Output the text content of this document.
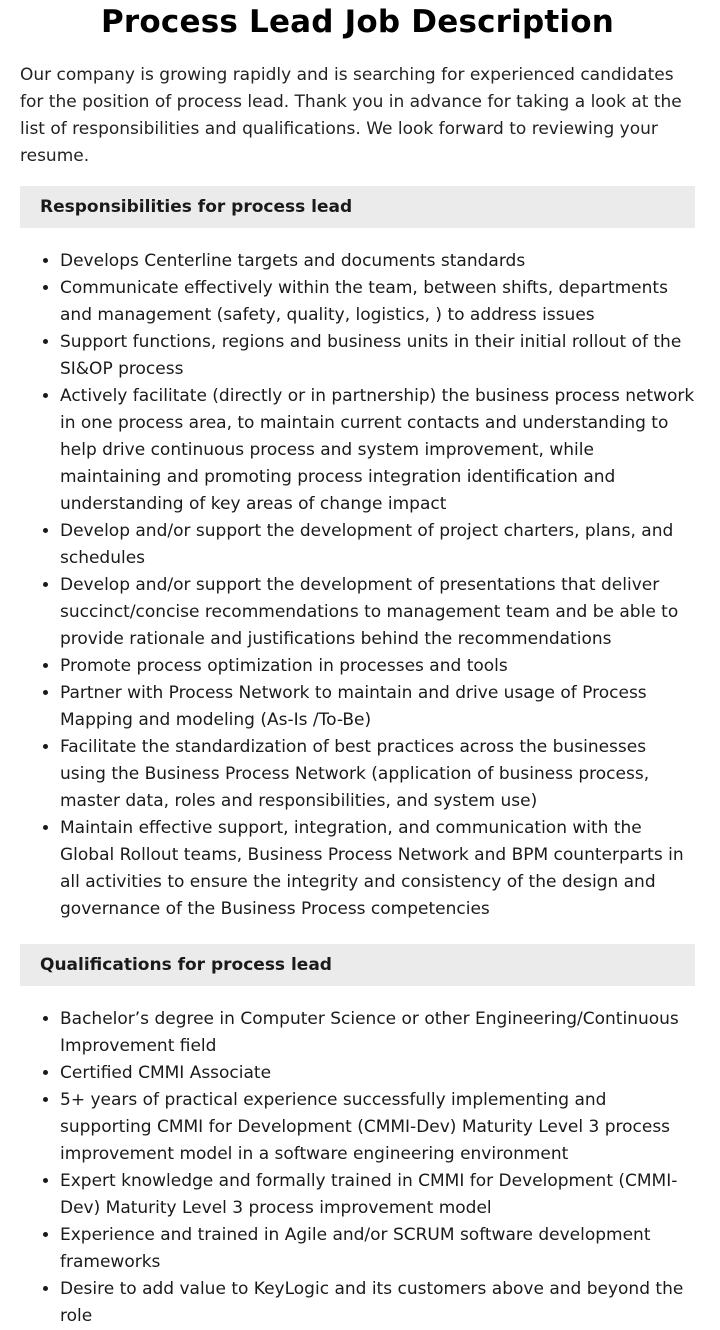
Process Lead Job Description

Our company is growing rapidly and is searching for experienced candidates for the position of process lead. Thank you in advance for taking a look at the list of responsibilities and qualifications. We look forward to reviewing your resume.

Responsibilities for process lead
• Develops Centerline targets and documents standards
• Communicate effectively within the team, between shifts, departments and management (safety, quality, logistics, ) to address issues
• Support functions, regions and business units in their initial rollout of the SI&OP process
• Actively facilitate (directly or in partnership) the business process network in one process area, to maintain current contacts and understanding to help drive continuous process and system improvement, while maintaining and promoting process integration identification and understanding of key areas of change impact
• Develop and/or support the development of project charters, plans, and schedules
• Develop and/or support the development of presentations that deliver succinct/concise recommendations to management team and be able to provide rationale and justifications behind the recommendations
• Promote process optimization in processes and tools
• Partner with Process Network to maintain and drive usage of Process Mapping and modeling (As-Is /To-Be)
• Facilitate the standardization of best practices across the businesses using the Business Process Network (application of business process, master data, roles and responsibilities, and system use)
• Maintain effective support, integration, and communication with the Global Rollout teams, Business Process Network and BPM counterparts in all activities to ensure the integrity and consistency of the design and governance of the Business Process competencies
Qualifications for process lead
• Bachelor’s degree in Computer Science or other Engineering/Continuous Improvement field
• Certified CMMI Associate
• 5+ years of practical experience successfully implementing and supporting CMMI for Development (CMMI-Dev) Maturity Level 3 process improvement model in a software engineering environment
• Expert knowledge and formally trained in CMMI for Development (CMMI-Dev) Maturity Level 3 process improvement model
• Experience and trained in Agile and/or SCRUM software development frameworks
• Desire to add value to KeyLogic and its customers above and beyond the role
